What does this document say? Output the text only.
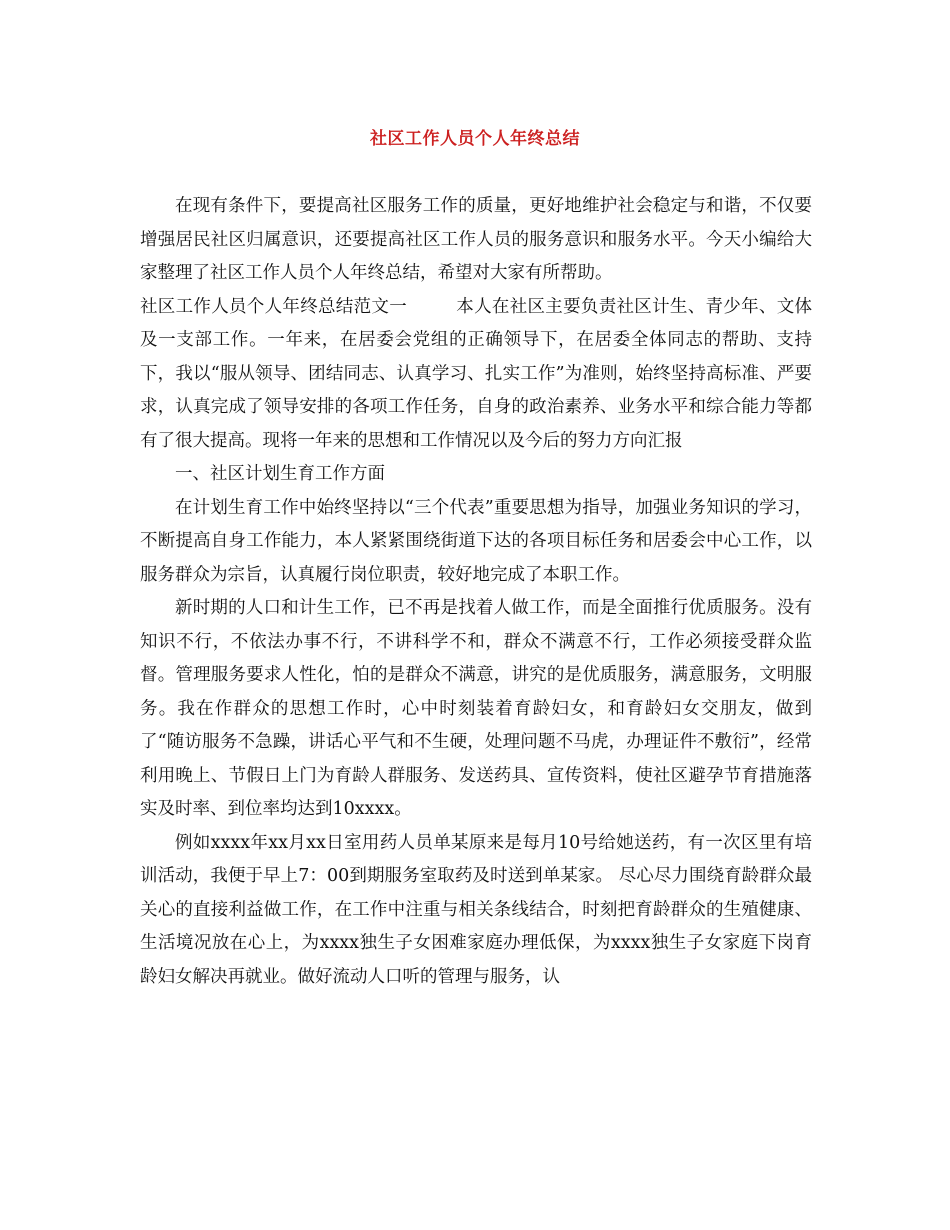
社区工作人员个人年终总结

在现有条件下，要提高社区服务工作的质量，更好地维护社会稳定与和谐，不仅要增强居民社区归属意识，还要提高社区工作人员的服务意识和服务水平。今天小编给大家整理了社区工作人员个人年终总结，希望对大家有所帮助。

社区工作人员个人年终总结范文一	本人在社区主要负责社区计生、青少年、文体及一支部工作。一年来，在居委会党组的正确领导下，在居委全体同志的帮助、支持下，我以“服从领导、团结同志、认真学习、扎实工作”为准则，始终坚持高标准、严要求，认真完成了领导安排的各项工作任务，自身的政治素养、业务水平和综合能力等都有了很大提高。现将一年来的思想和工作情况以及今后的努力方向汇报

一、社区计划生育工作方面

在计划生育工作中始终坚持以“三个代表”重要思想为指导，加强业务知识的学习，不断提高自身工作能力，本人紧紧围绕街道下达的各项目标任务和居委会中心工作，以服务群众为宗旨，认真履行岗位职责，较好地完成了本职工作。

新时期的人口和计生工作，已不再是找着人做工作，而是全面推行优质服务。没有知识不行，不依法办事不行，不讲科学不和，群众不满意不行，工作必须接受群众监督。管理服务要求人性化，怕的是群众不满意，讲究的是优质服务，满意服务，文明服务。我在作群众的思想工作时，心中时刻装着育龄妇女，和育龄妇女交朋友，做到了“随访服务不急躁，讲话心平气和不生硬，处理问题不马虎，办理证件不敷衍”，经常利用晚上、节假日上门为育龄人群服务、发送药具、宣传资料，使社区避孕节育措施落实及时率、到位率均达到10xxxx。

例如xxxx年xx月xx日室用药人员单某原来是每月10号给她送药，有一次区里有培训活动，我便于早上7：00到期服务室取药及时送到单某家。 尽心尽力围绕育龄群众最关心的直接利益做工作，在工作中注重与相关条线结合，时刻把育龄群众的生殖健康、生活境况放在心上，为xxxx独生子女困难家庭办理低保，为xxxx独生子女家庭下岗育龄妇女解决再就业。做好流动人口听的管理与服务，认
